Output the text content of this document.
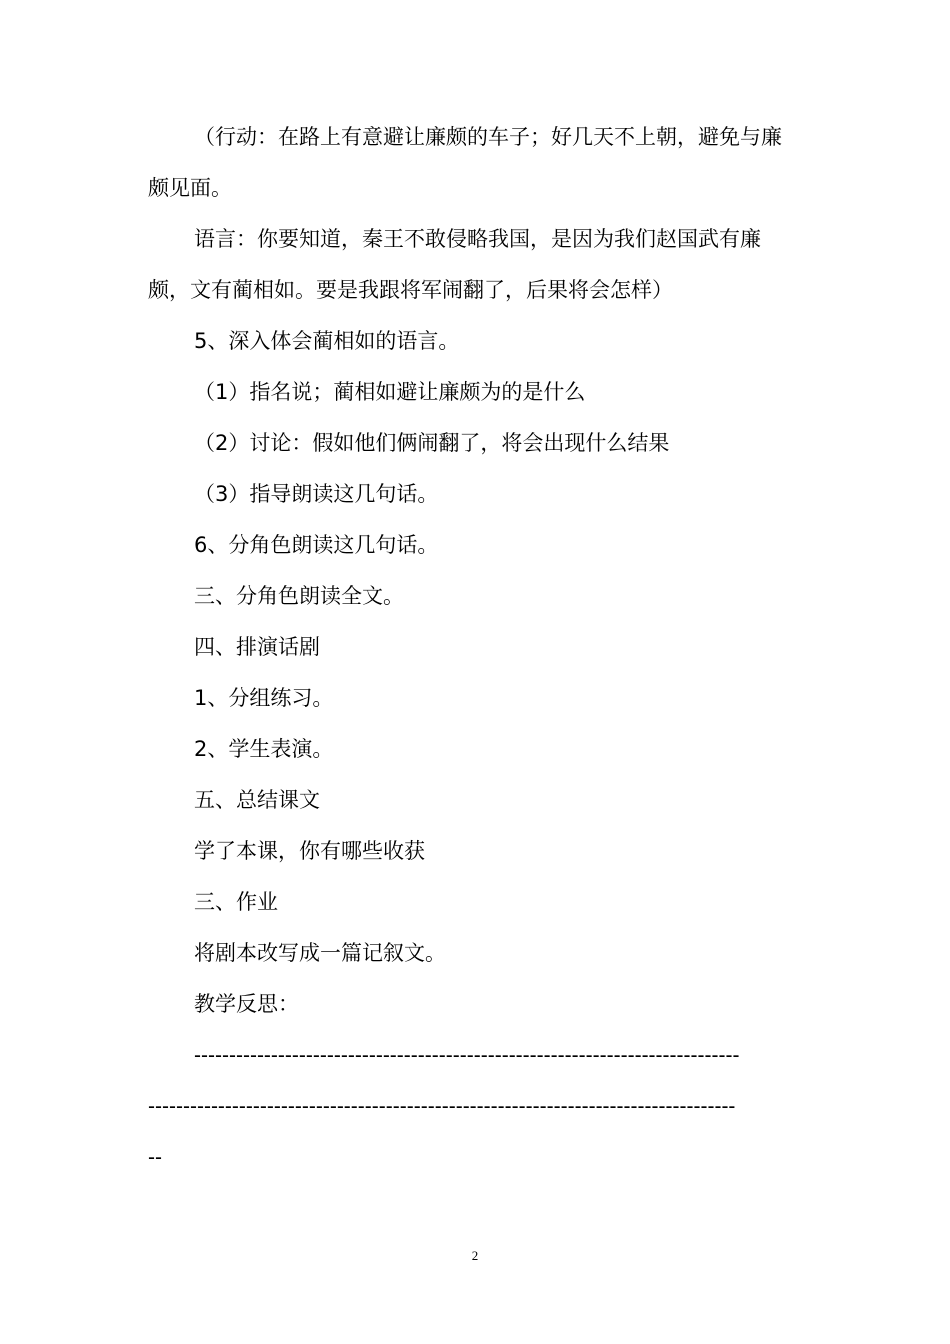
（行动：在路上有意避让廉颇的车子；好几天不上朝，避免与廉颇见面。

语言：你要知道，秦王不敢侵略我国，是因为我们赵国武有廉颇，文有蔺相如。要是我跟将军闹翻了，后果将会怎样）

5、深入体会蔺相如的语言。

（1）指名说；蔺相如避让廉颇为的是什么

（2）讨论：假如他们俩闹翻了，将会出现什么结果

（3）指导朗读这几句话。

6、分角色朗读这几句话。

三、分角色朗读全文。

四、排演话剧

1、分组练习。

2、学生表演。

五、总结课文

学了本课，你有哪些收获

三、作业

将剧本改写成一篇记叙文。

教学反思：

------------------------------------------------------------------------------

------------------------------------------------------------------------------------

--

2
